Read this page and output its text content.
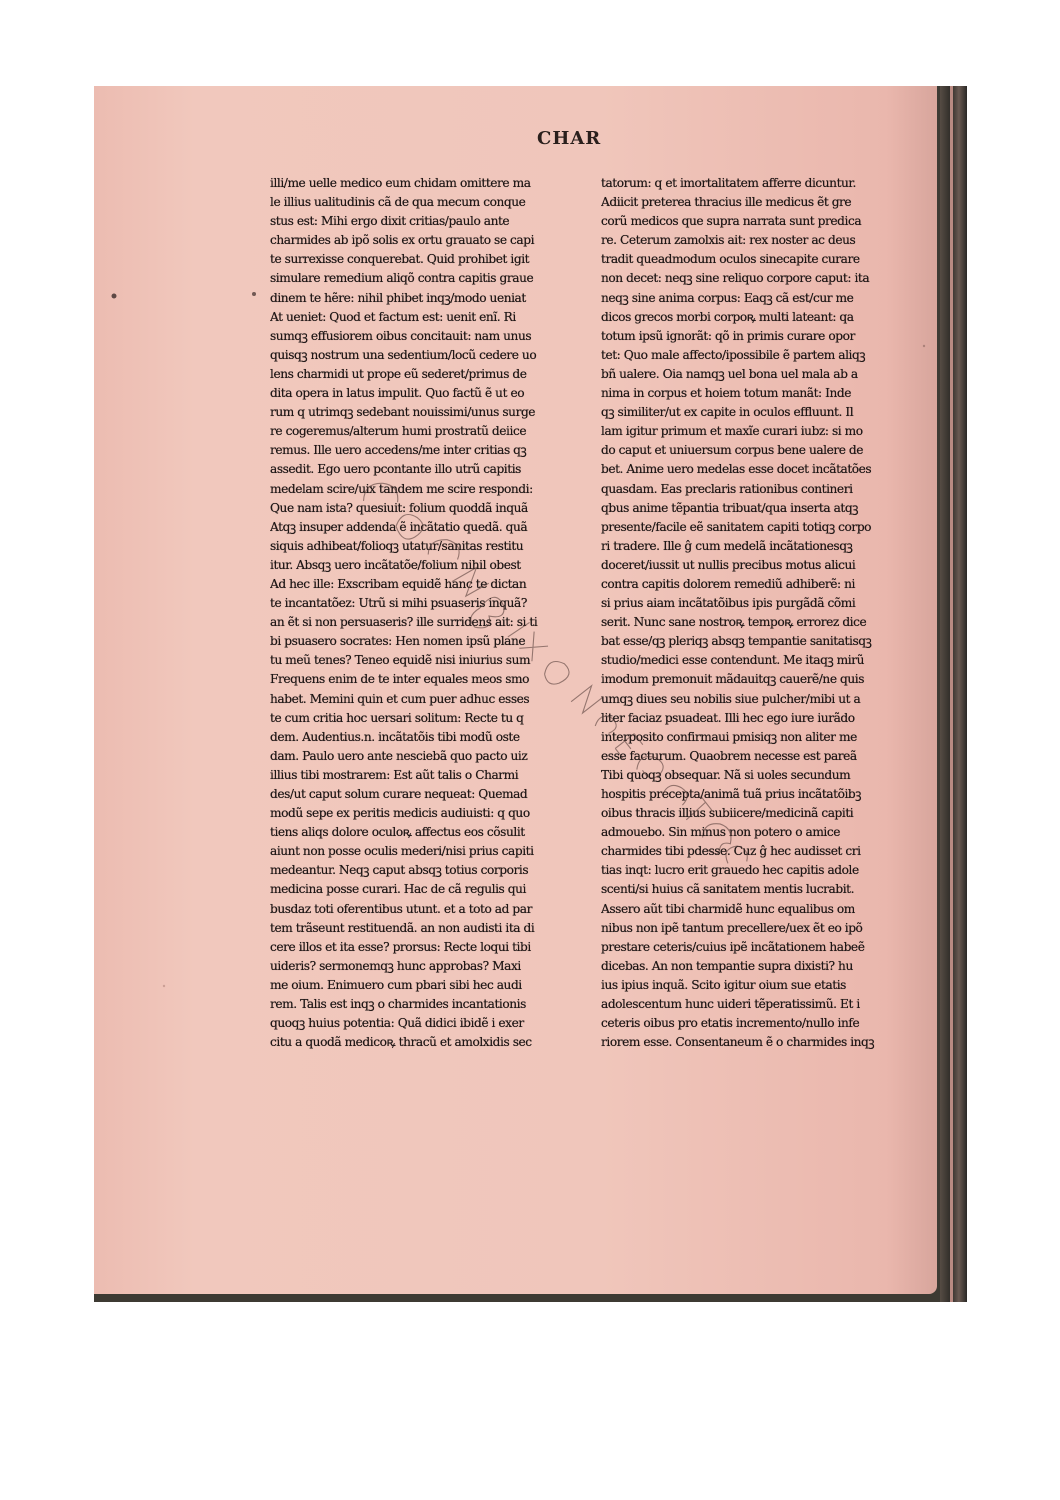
CHAR
illi/me uelle medico eum chidam omittere ma
le illius ualitudinis cã de qua mecum conque
stus est: Mihi ergo dixit critias/paulo ante
charmides ab ipõ solis ex ortu grauato se capi
te surrexisse conquerebat. Quid prohibet igit
simulare remedium aliqõ contra capitis graue
dinem te hẽre: nihil phibet inqꝫ/modo ueniat
At ueniet: Quod et factum est: uenit enĩ. Ri
sumqꝫ effusiorem oibus concitauit: nam unus
quisqꝫ nostrum una sedentium/locũ cedere uo
lens charmidi ut prope eũ sederet/primus de
dita opera in latus impulit. Quo factũ ẽ ut eo
rum q utrimqꝫ sedebant nouissimi/unus surge
re cogeremus/alterum humi prostratũ deiice
remus. Ille uero accedens/me inter critias qꝫ
assedit. Ego uero pcontante illo utrũ capitis
medelam scire/uix tandem me scire respondi:
Que nam ista? quesiuit: folium quoddã inquã
Atqꝫ insuper addenda ẽ incãtatio quedã. quã
siquis adhibeat/folioqꝫ utatur/sanitas restitu
itur. Absqꝫ uero incãtatõe/folium nihil obest
Ad hec ille: Exscribam equidẽ hanc te dictan
te incantatõez: Utrũ si mihi psuaseris inquã?
an ẽt si non persuaseris? ille surridens ait: si ti
bi psuasero socrates: Hen nomen ipsũ plane
tu meũ tenes? Teneo equidẽ nisi iniurius sum
Frequens enim de te inter equales meos smo
habet. Memini quin et cum puer adhuc esses
te cum critia hoc uersari solitum: Recte tu q
dem. Audentius.n. incãtatõis tibi modũ oste
dam. Paulo uero ante nesciebã quo pacto uiz
illius tibi mostrarem: Est aũt talis o Charmi
des/ut caput solum curare nequeat: Quemad
modũ sepe ex peritis medicis audiuisti: q quo
tiens aliqs dolore oculoꝶ affectus eos cõsulit
aiunt non posse oculis mederi/nisi prius capiti
medeantur. Neqꝫ caput absqꝫ totius corporis
medicina posse curari. Hac de cã regulis qui
busdaz toti oferentibus utunt. et a toto ad par
tem trãseunt restituendã. an non audisti ita di
cere illos et ita esse? prorsus: Recte loqui tibi
uideris? sermonemqꝫ hunc approbas? Maxi
me oium. Enimuero cum pbari sibi hec audi
rem. Talis est inqꝫ o charmides incantationis
quoqꝫ huius potentia: Quã didici ibidẽ i exer
citu a quodã medicoꝶ thracũ et amolxidis sec
tatorum: q et imortalitatem afferre dicuntur.
Adiicit preterea thracius ille medicus ẽt gre
corũ medicos que supra narrata sunt predica
re. Ceterum zamolxis ait: rex noster ac deus
tradit queadmodum oculos sinecapite curare
non decet: neqꝫ sine reliquo corpore caput: ita
neqꝫ sine anima corpus: Eaqꝫ cã est/cur me
dicos grecos morbi corpoꝶ multi lateant: qa
totum ipsũ ignorãt: qõ in primis curare opor
tet: Quo male affecto/ipossibile ẽ partem aliqꝫ
bñ ualere. Oia namqꝫ uel bona uel mala ab a
nima in corpus et hoiem totum manãt: Inde
qꝫ similiter/ut ex capite in oculos effluunt. Il
lam igitur primum et maxĩe curari iubz: si mo
do caput et uniuersum corpus bene ualere de
bet. Anime uero medelas esse docet incãtatões
quasdam. Eas preclaris rationibus contineri
qbus anime tẽpantia tribuat/qua inserta atqꝫ
presente/facile eẽ sanitatem capiti totiqꝫ corpo
ri tradere. Ille ĝ cum medelã incãtationesqꝫ
doceret/iussit ut nullis precibus motus alicui
contra capitis dolorem remediũ adhiberẽ: ni
si prius aiam incãtatõibus ipis purgãdã cõmi
serit. Nunc sane nostroꝶ tempoꝶ errorez dice
bat esse/qꝫ pleriqꝫ absqꝫ tempantie sanitatisqꝫ
studio/medici esse contendunt. Me itaqꝫ mirũ
imodum premonuit mãdauitqꝫ cauerẽ/ne quis
umqꝫ diues seu nobilis siue pulcher/mibi ut a
liter faciaz psuadeat. Illi hec ego iure iurãdo
interposito confirmaui pmisiqꝫ non aliter me
esse facturum. Quaobrem necesse est pareã
Tibi quoqꝫ obsequar. Nã si uoles secundum
hospitis precepta/animã tuã prius incãtatõibꝫ
oibus thracis illius subiicere/medicinã capiti
admouebo. Sin minus non potero o amice
charmides tibi pdesse. Cuz ĝ hec audisset cri
tias inqt: lucro erit grauedo hec capitis adole
scenti/si huius cã sanitatem mentis lucrabit.
Assero aũt tibi charmidẽ hunc equalibus om
nibus non ipẽ tantum precellere/uex ẽt eo ipõ
prestare ceteris/cuius ipẽ incãtationem habeẽ
dicebas. An non tempantie supra dixisti? hu
ius ipius inquã. Scito igitur oium sue etatis
adolescentum hunc uideri tẽperatissimũ. Et i
ceteris oibus pro etatis incremento/nullo infe
riorem esse. Consentaneum ẽ o charmides inqꝫ
